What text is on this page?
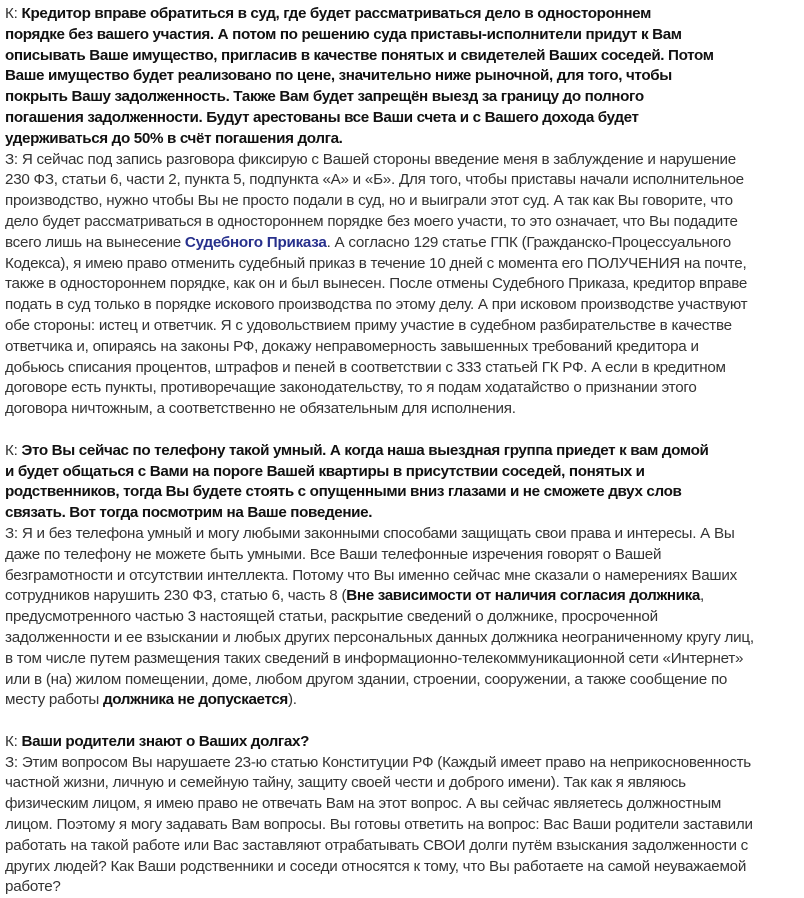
К: Кредитор вправе обратиться в суд, где будет рассматриваться дело в одностороннем
порядке без вашего участия. А потом по решению суда приставы-исполнители придут к Вам
описывать Ваше имущество, пригласив в качестве понятых и свидетелей Ваших соседей. Потом
Ваше имущество будет реализовано по цене, значительно ниже рыночной, для того, чтобы
покрыть Вашу задолженность. Также Вам будет запрещён выезд за границу до полного
погашения задолженности. Будут арестованы все Ваши счета и с Вашего дохода будет
удерживаться до 50% в счёт погашения долга.
З: Я сейчас под запись разговора фиксирую с Вашей стороны введение меня в заблуждение и нарушение
230 ФЗ, статьи 6, части 2, пункта 5, подпункта «А» и «Б». Для того, чтобы приставы начали исполнительное
производство, нужно чтобы Вы не просто подали в суд, но и выиграли этот суд. А так как Вы говорите, что
дело будет рассматриваться в одностороннем порядке без моего участи, то это означает, что Вы подадите
всего лишь на вынесение Судебного Приказа. А согласно 129 статье ГПК (Гражданско-Процессуального
Кодекса), я имею право отменить судебный приказ в течение 10 дней с момента его ПОЛУЧЕНИЯ на почте,
также в одностороннем порядке, как он и был вынесен. После отмены Судебного Приказа, кредитор вправе
подать в суд только в порядке искового производства по этому делу. А при исковом производстве участвуют
обе стороны: истец и ответчик. Я с удовольствием приму участие в судебном разбирательстве в качестве
ответчика и, опираясь на законы РФ, докажу неправомерность завышенных требований кредитора и
добьюсь списания процентов, штрафов и пеней в соответствии с 333 статьей ГК РФ. А если в кредитном
договоре есть пункты, противоречащие законодательству, то я подам ходатайство о признании этого
договора ничтожным, а соответственно не обязательным для исполнения.
К: Это Вы сейчас по телефону такой умный. А когда наша выездная группа приедет к вам домой
и будет общаться с Вами на пороге Вашей квартиры в присутствии соседей, понятых и
родственников, тогда Вы будете стоять с опущенными вниз глазами и не сможете двух слов
связать. Вот тогда посмотрим на Ваше поведение.
З: Я и без телефона умный и могу любыми законными способами защищать свои права и интересы. А Вы
даже по телефону не можете быть умными. Все Ваши телефонные изречения говорят о Вашей
безграмотности и отсутствии интеллекта. Потому что Вы именно сейчас мне сказали о намерениях Ваших
сотрудников нарушить 230 ФЗ, статью 6, часть 8 (Вне зависимости от наличия согласия должника,
предусмотренного частью 3 настоящей статьи, раскрытие сведений о должнике, просроченной
задолженности и ее взыскании и любых других персональных данных должника неограниченному кругу лиц,
в том числе путем размещения таких сведений в информационно-телекоммуникационной сети «Интернет»
или в (на) жилом помещении, доме, любом другом здании, строении, сооружении, а также сообщение по
месту работы должника не допускается).
К: Ваши родители знают о Ваших долгах?
З: Этим вопросом Вы нарушаете 23-ю статью Конституции РФ (Каждый имеет право на неприкосновенность
частной жизни, личную и семейную тайну, защиту своей чести и доброго имени). Так как я являюсь
физическим лицом, я имею право не отвечать Вам на этот вопрос. А вы сейчас являетесь должностным
лицом. Поэтому я могу задавать Вам вопросы. Вы готовы ответить на вопрос: Вас Ваши родители заставили
работать на такой работе или Вас заставляют отрабатывать СВОИ долги путём взыскания задолженности с
других людей? Как Ваши родственники и соседи относятся к тому, что Вы работаете на самой неуважаемой
работе?
